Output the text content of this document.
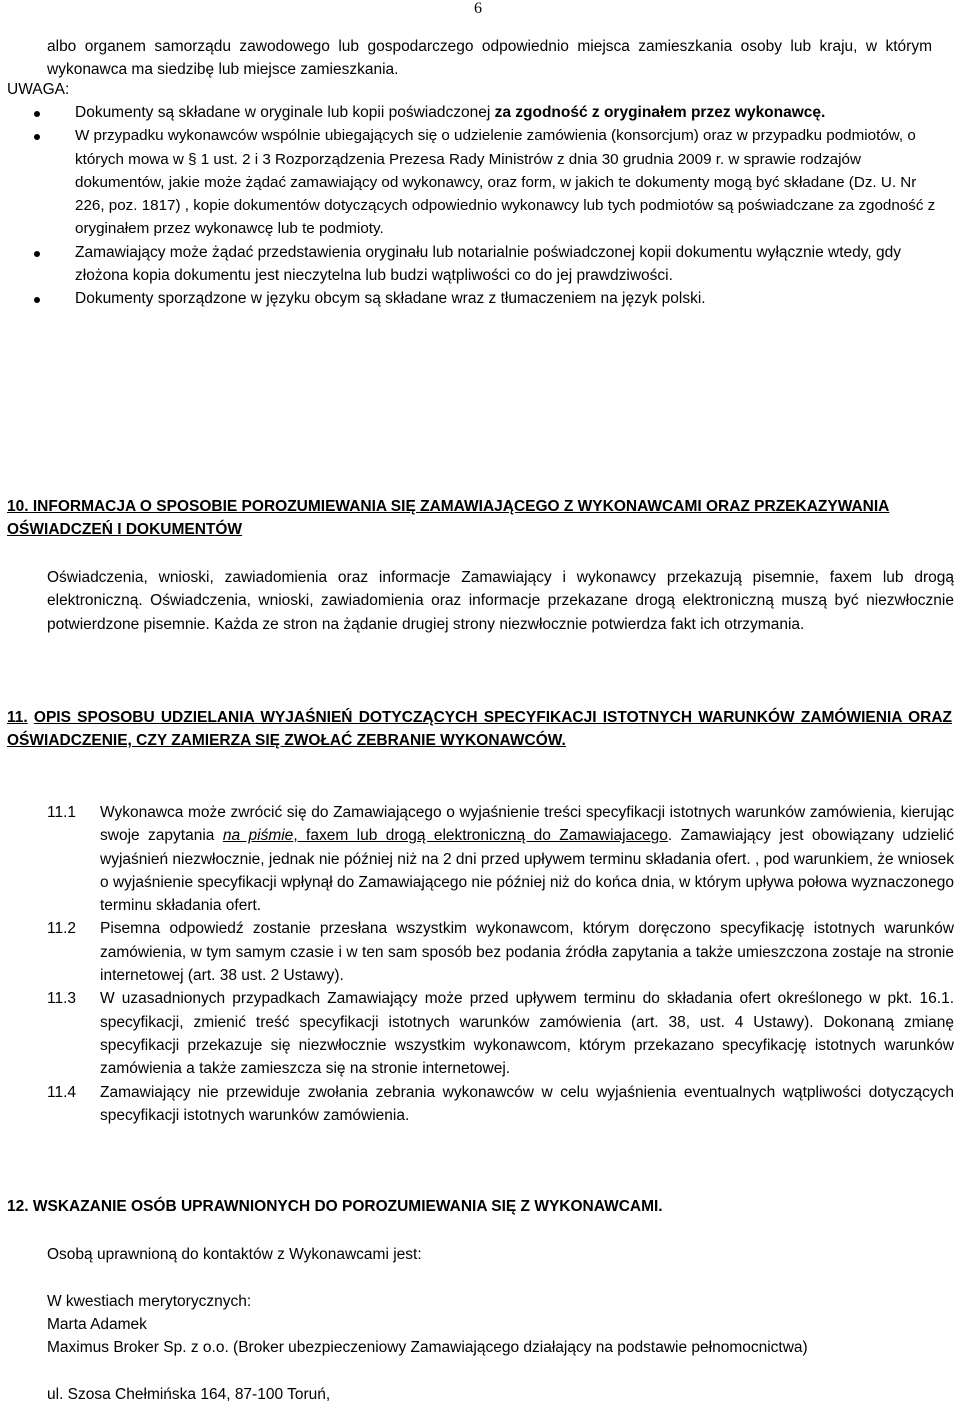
6
albo organem samorządu zawodowego lub gospodarczego odpowiednio miejsca zamieszkania osoby lub kraju, w którym wykonawca ma siedzibę lub miejsce zamieszkania.
UWAGA:
Dokumenty są składane w oryginale lub kopii poświadczonej za zgodność z oryginałem przez wykonawcę.
W przypadku wykonawców wspólnie ubiegających się o udzielenie zamówienia (konsorcjum) oraz w przypadku podmiotów, o których mowa w § 1 ust. 2 i 3 Rozporządzenia Prezesa Rady Ministrów z dnia 30 grudnia 2009 r. w sprawie rodzajów dokumentów, jakie może żądać zamawiający od wykonawcy, oraz form, w jakich te dokumenty mogą być składane (Dz. U. Nr 226, poz. 1817) , kopie dokumentów dotyczących odpowiednio wykonawcy lub tych podmiotów są poświadczane za zgodność z oryginałem przez wykonawcę lub te podmioty.
Zamawiający może żądać przedstawienia oryginału lub notarialnie poświadczonej kopii dokumentu wyłącznie wtedy, gdy złożona kopia dokumentu jest nieczytelna lub budzi wątpliwości co do jej prawdziwości.
Dokumenty sporządzone w języku obcym są składane wraz z tłumaczeniem na język polski.
10. INFORMACJA O SPOSOBIE POROZUMIEWANIA SIĘ ZAMAWIAJĄCEGO Z WYKONAWCAMI ORAZ PRZEKAZYWANIA OŚWIADCZEŃ I DOKUMENTÓW
Oświadczenia, wnioski, zawiadomienia oraz informacje Zamawiający i wykonawcy przekazują pisemnie, faxem lub drogą elektroniczną. Oświadczenia, wnioski, zawiadomienia oraz informacje przekazane drogą elektroniczną muszą być niezwłocznie potwierdzone pisemnie. Każda ze stron na żądanie drugiej strony niezwłocznie potwierdza fakt ich otrzymania.
11. OPIS SPOSOBU UDZIELANIA WYJAŚNIEŃ DOTYCZĄCYCH SPECYFIKACJI ISTOTNYCH WARUNKÓW ZAMÓWIENIA ORAZ OŚWIADCZENIE, CZY ZAMIERZA SIĘ ZWOŁAĆ ZEBRANIE WYKONAWCÓW.
11.1 Wykonawca może zwrócić się do Zamawiającego o wyjaśnienie treści specyfikacji istotnych warunków zamówienia, kierując swoje zapytania na piśmie, faxem lub drogą elektroniczną do Zamawiajacego. Zamawiający jest obowiązany udzielić wyjaśnień niezwłocznie, jednak nie później niż na 2 dni przed upływem terminu składania ofert. , pod warunkiem, że wniosek o wyjaśnienie specyfikacji wpłynął do Zamawiającego nie później niż do końca dnia, w którym upływa połowa wyznaczonego terminu składania ofert.
11.2 Pisemna odpowiedź zostanie przesłana wszystkim wykonawcom, którym doręczono specyfikację istotnych warunków zamówienia, w tym samym czasie i w ten sam sposób bez podania źródła zapytania a także umieszczona zostaje na stronie internetowej (art. 38 ust. 2 Ustawy).
11.3 W uzasadnionych przypadkach Zamawiający może przed upływem terminu do składania ofert określonego w pkt. 16.1. specyfikacji, zmienić treść specyfikacji istotnych warunków zamówienia (art. 38, ust. 4 Ustawy). Dokonaną zmianę specyfikacji przekazuje się niezwłocznie wszystkim wykonawcom, którym przekazano specyfikację istotnych warunków zamówienia a także zamieszcza się na stronie internetowej.
11.4 Zamawiający nie przewiduje zwołania zebrania wykonawców w celu wyjaśnienia eventualnych wątpliwości dotyczących specyfikacji istotnych warunków zamówienia.
12. WSKAZANIE OSÓB UPRAWNIONYCH DO POROZUMIEWANIA SIĘ Z WYKONAWCAMI.
Osobą uprawnioną do kontaktów z Wykonawcami jest:
W kwestiach merytorycznych:
Marta Adamek
Maximus Broker Sp. z o.o. (Broker ubezpieczeniowy Zamawiającego działający na podstawie pełnomocnictwa)
ul. Szosa Chełmińska 164, 87-100 Toruń,
